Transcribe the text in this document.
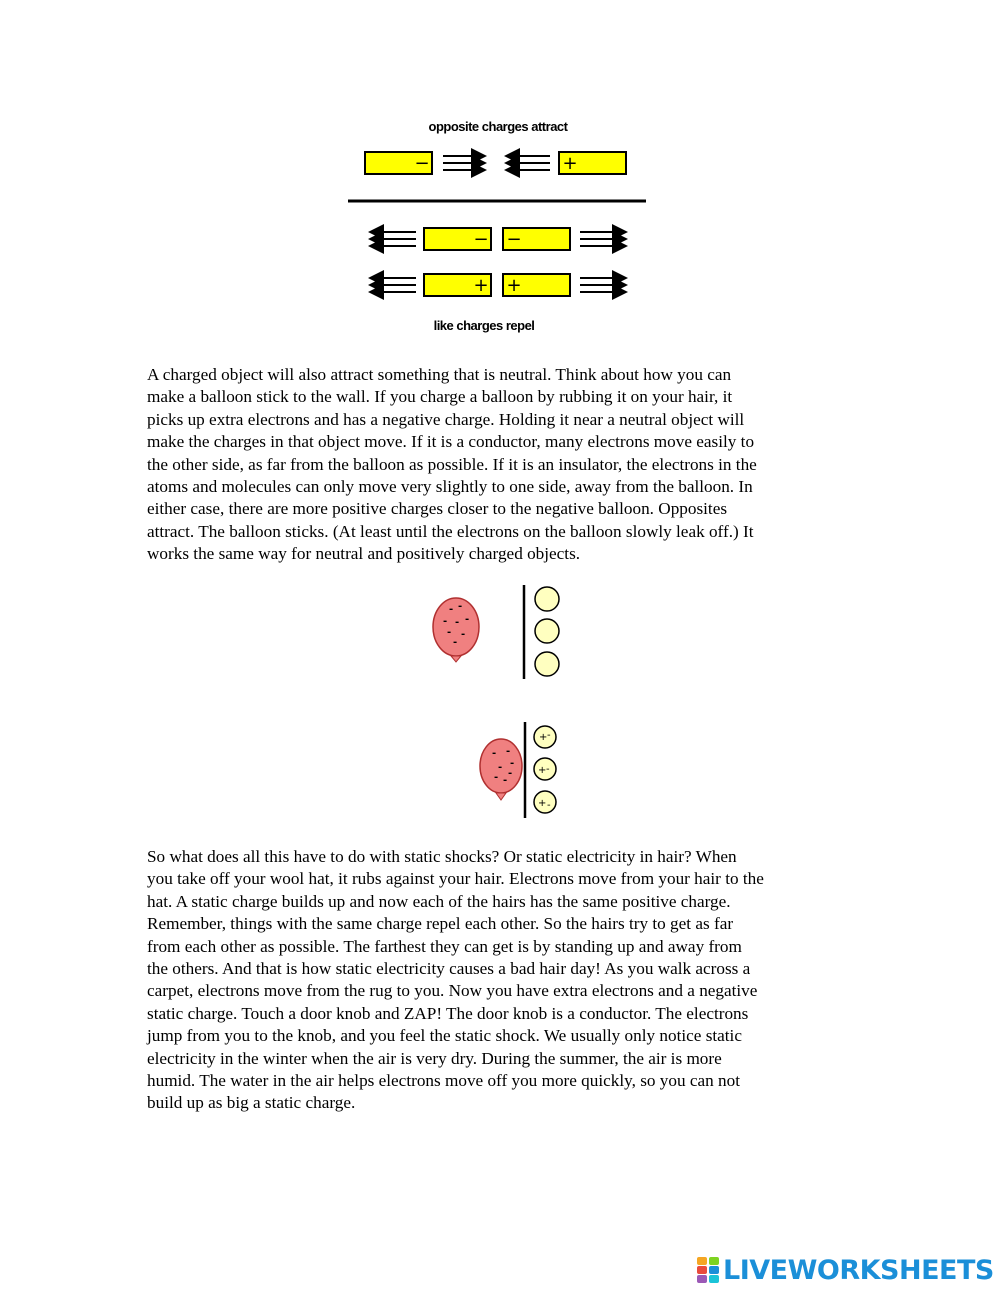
opposite charges attract
−	+
− −
+ +
like charges repel
A charged object will also attract something that is neutral. Think about how you can
make a balloon stick to the wall. If you charge a balloon by rubbing it on your hair, it
picks up extra electrons and has a negative charge. Holding it near a neutral object will
make the charges in that object move. If it is a conductor, many electrons move easily to
the other side, as far from the balloon as possible. If it is an insulator, the electrons in the
atoms and molecules can only move very slightly to one side, away from the balloon. In
either case, there are more positive charges closer to the negative balloon. Opposites
attract. The balloon sticks. (At least until the electrons on the balloon slowly leak off.) It
works the same way for neutral and positively charged objects.
- -
- - -
- -
-
- -
-
-
-
- -
+ -
+ -
+ -
So what does all this have to do with static shocks? Or static electricity in hair? When
you take off your wool hat, it rubs against your hair. Electrons move from your hair to the
hat. A static charge builds up and now each of the hairs has the same positive charge.
Remember, things with the same charge repel each other. So the hairs try to get as far
from each other as possible. The farthest they can get is by standing up and away from
the others. And that is how static electricity causes a bad hair day! As you walk across a
carpet, electrons move from the rug to you. Now you have extra electrons and a negative
static charge. Touch a door knob and ZAP! The door knob is a conductor. The electrons
jump from you to the knob, and you feel the static shock. We usually only notice static
electricity in the winter when the air is very dry. During the summer, the air is more
humid. The water in the air helps electrons move off you more quickly, so you can not
build up as big a static charge.
LIVEWORKSHEETS
